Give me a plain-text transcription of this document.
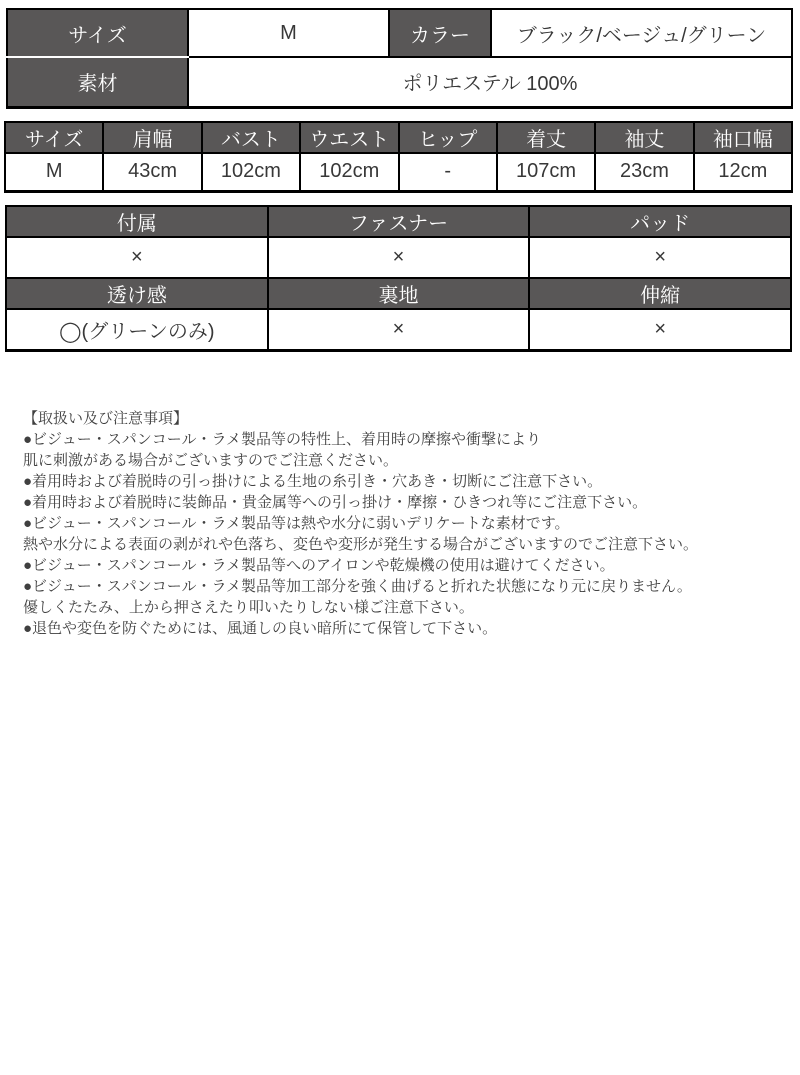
サイズ	M	カラー	ブラック/ベージュ/グリーン
素材	ポリエステル 100%		
サイズ	肩幅	バスト	ウエスト	ヒップ	着丈	袖丈	袖口幅
M	43cm	102cm	102cm	-	107cm	23cm	12cm
付属	ファスナー	パッド
×	×	×
透け感	裏地	伸縮
◯(グリーンのみ)	×	×
【取扱い及び注意事項】
●ビジュー・スパンコール・ラメ製品等の特性上、着用時の摩擦や衝撃により
肌に刺激がある場合がございますのでご注意ください。
●着用時および着脱時の引っ掛けによる生地の糸引き・穴あき・切断にご注意下さい。
●着用時および着脱時に装飾品・貴金属等への引っ掛け・摩擦・ひきつれ等にご注意下さい。
●ビジュー・スパンコール・ラメ製品等は熱や水分に弱いデリケートな素材です。
熱や水分による表面の剥がれや色落ち、変色や変形が発生する場合がございますのでご注意下さい。
●ビジュー・スパンコール・ラメ製品等へのアイロンや乾燥機の使用は避けてください。
●ビジュー・スパンコール・ラメ製品等加工部分を強く曲げると折れた状態になり元に戻りません。
優しくたたみ、上から押さえたり叩いたりしない様ご注意下さい。
●退色や変色を防ぐためには、風通しの良い暗所にて保管して下さい。
